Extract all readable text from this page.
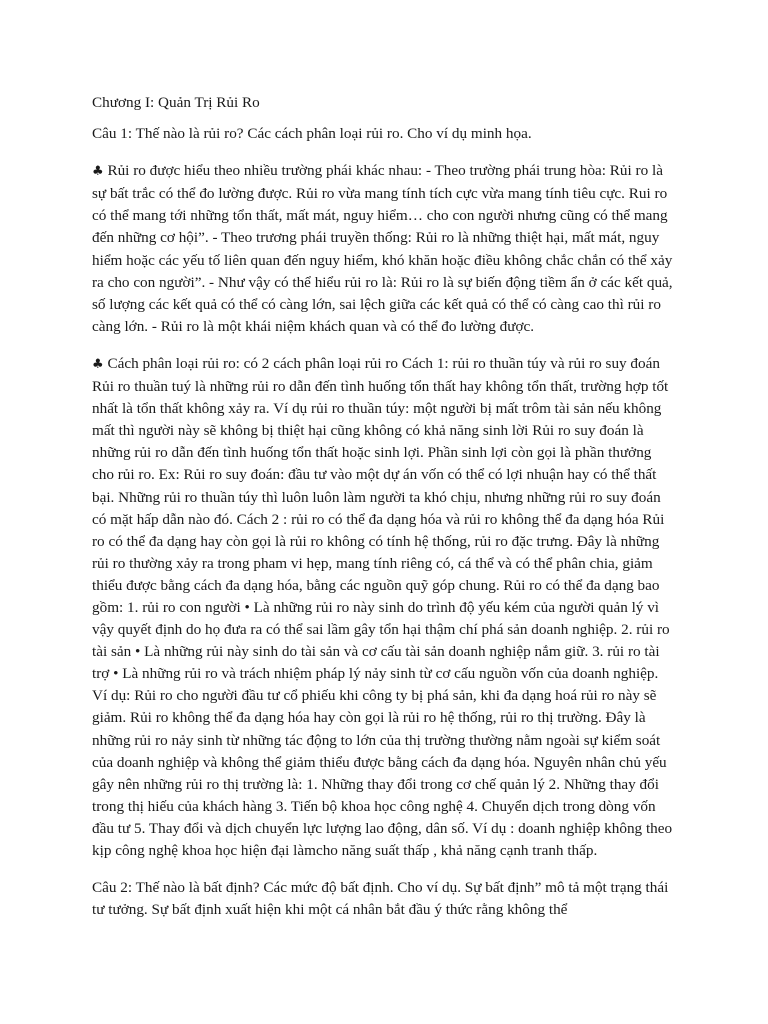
Chương I: Quản Trị Rủi Ro

Câu 1: Thế nào là rủi ro? Các cách phân loại rủi ro. Cho ví dụ minh họa.

♣ Rủi ro được hiểu theo nhiều trường phái khác nhau: - Theo trường phái trung hòa: Rủi ro là sự bất trắc có thể đo lường được. Rủi ro vừa mang tính tích cực vừa mang tính tiêu cực. Rui ro có thể mang tới những tổn thất, mất mát, nguy hiểm… cho con người nhưng cũng có thể mang đến những cơ hội”. - Theo trương phái truyền thống: Rủi ro là những thiệt hại, mất mát, nguy hiểm hoặc các yếu tố liên quan đến nguy hiểm, khó khăn hoặc điều không chắc chắn có thể xảy ra cho con người”. - Như vậy có thể hiểu rủi ro là: Rủi ro là sự biến động tiềm ẩn ở các kết quả, số lượng các kết quả có thể có càng lớn, sai lệch giữa các kết quả có thể có càng cao thì rủi ro càng lớn. - Rủi ro là một khái niệm khách quan và có thể đo lường được.

♣ Cách phân loại rủi ro: có 2 cách phân loại rủi ro Cách 1: rủi ro thuần túy và rủi ro suy đoán Rủi ro thuần tuý là những rủi ro dẫn đến tình huống tổn thất hay không tổn thất, trường hợp tốt nhất là tổn thất không xảy ra. Ví dụ rủi ro thuần túy: một người bị mất trôm tài sản nếu không mất thì người này sẽ không bị thiệt hại cũng không có khả năng sinh lời Rủi ro suy đoán là những rủi ro dẫn đến tình huống tổn thất hoặc sinh lợi. Phần sinh lợi còn gọi là phần thưởng cho rủi ro. Ex: Rủi ro suy đoán: đầu tư vào một dự án vốn có thể có lợi nhuận hay có thể thất bại. Những rủi ro thuần túy thì luôn luôn làm người ta khó chịu, nhưng những rủi ro suy đoán có mặt hấp dẫn nào đó. Cách 2 : rủi ro có thể đa dạng hóa và rủi ro không thể đa dạng hóa Rủi ro có thể đa dạng hay còn gọi là rủi ro không có tính hệ thống, rủi ro đặc trưng. Đây là những rủi ro thường xảy ra trong pham vi hẹp, mang tính riêng có, cá thể và có thể phân chia, giảm thiểu được bằng cách đa dạng hóa, bằng các nguồn quỹ góp chung. Rủi ro có thể đa dạng bao gồm: 1. rủi ro con người • Là những rủi ro này sinh do trình độ yếu kém của người quản lý vì vậy quyết định do họ đưa ra có thể sai lầm gây tổn hại thậm chí phá sản doanh nghiệp. 2. rủi ro tài sản • Là những rủi này sinh do tài sản và cơ cấu tài sản doanh nghiệp nắm giữ. 3. rủi ro tài trợ • Là những rủi ro và trách nhiệm pháp lý nảy sinh từ cơ cấu nguồn vốn của doanh nghiệp. Ví dụ: Rủi ro cho người đầu tư cổ phiếu khi công ty bị phá sản, khi đa dạng hoá rủi ro này sẽ giảm. Rủi ro không thể đa dạng hóa hay còn gọi là rủi ro hệ thống, rủi ro thị trường. Đây là những rủi ro nảy sinh từ những tác động to lớn của thị trường thường nằm ngoài sự kiểm soát của doanh nghiệp và không thể giảm thiểu được bằng cách đa dạng hóa. Nguyên nhân chủ yếu gây nên những rủi ro thị trường là: 1. Những thay đổi trong cơ chế quản lý 2. Những thay đổi trong thị hiếu của khách hàng 3. Tiến bộ khoa học công nghệ 4. Chuyển dịch trong dòng vốn đầu tư 5. Thay đổi và dịch chuyển lực lượng lao động, dân số. Ví dụ : doanh nghiệp không theo kịp công nghệ khoa học hiện đại làmcho năng suất thấp , khả năng cạnh tranh thấp.

Câu 2: Thế nào là bất định? Các mức độ bất định. Cho ví dụ. Sự bất định” mô tả một trạng thái tư tưởng. Sự bất định xuất hiện khi một cá nhân bắt đầu ý thức rằng không thể
